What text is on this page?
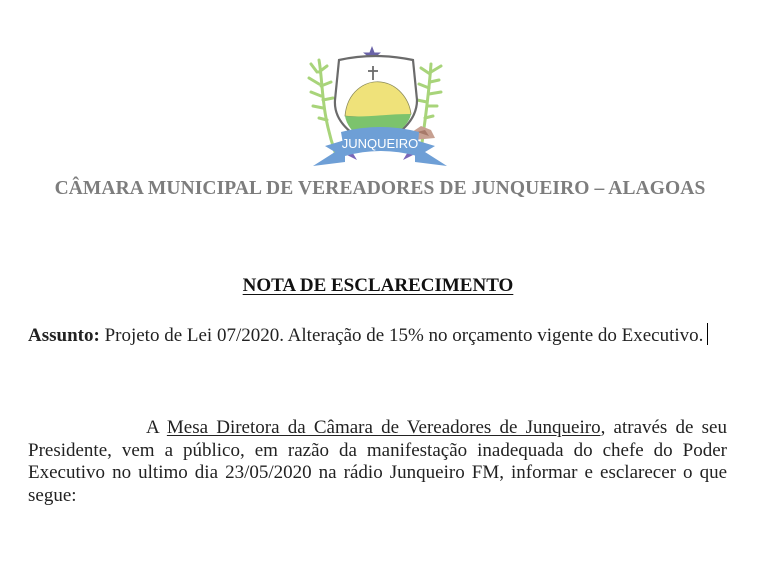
JUNQUEIRO
CÂMARA MUNICIPAL DE VEREADORES DE JUNQUEIRO – ALAGOAS
NOTA DE ESCLARECIMENTO
Assunto: Projeto de Lei 07/2020. Alteração de 15% no orçamento vigente do Executivo.
A Mesa Diretora da Câmara de Vereadores de Junqueiro, através de seu Presidente, vem a público, em razão da manifestação inadequada do chefe do Poder Executivo no ultimo dia 23/05/2020 na rádio Junqueiro FM, informar e esclarecer o que segue:
